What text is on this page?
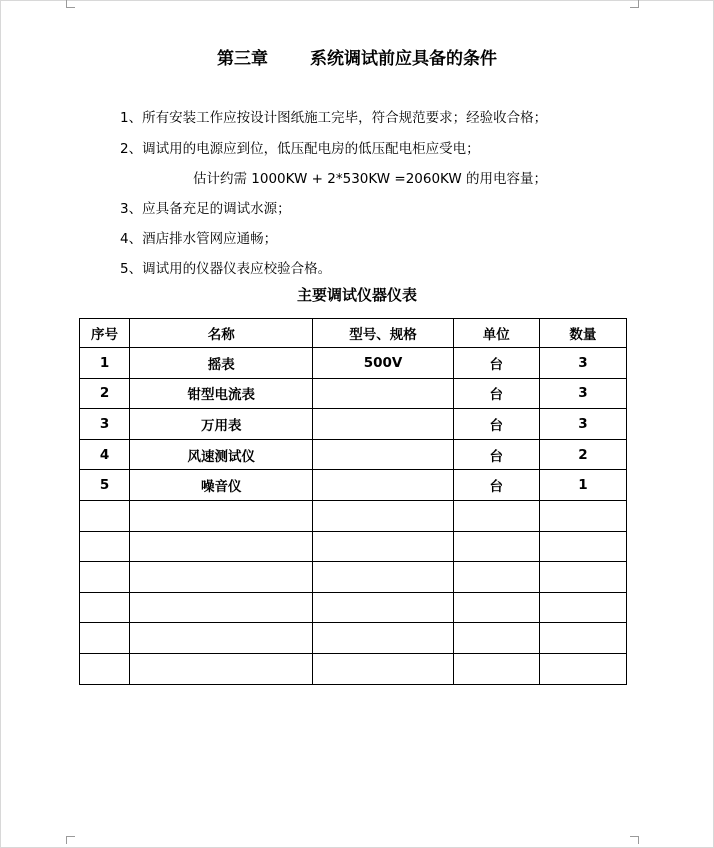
第三章 系统调试前应具备的条件
1、所有安装工作应按设计图纸施工完毕，符合规范要求；经验收合格；
2、调试用的电源应到位，低压配电房的低压配电柜应受电；
估计约需 1000KW + 2*530KW =2060KW 的用电容量；
3、应具备充足的调试水源；
4、酒店排水管网应通畅；
5、调试用的仪器仪表应校验合格。
主要调试仪器仪表
序号	名称	型号、规格	单位	数量
1	摇表	500V	台	3
2	钳型电流表		台	3
3	万用表		台	3
4	风速测试仪		台	2
5	噪音仪		台	1
